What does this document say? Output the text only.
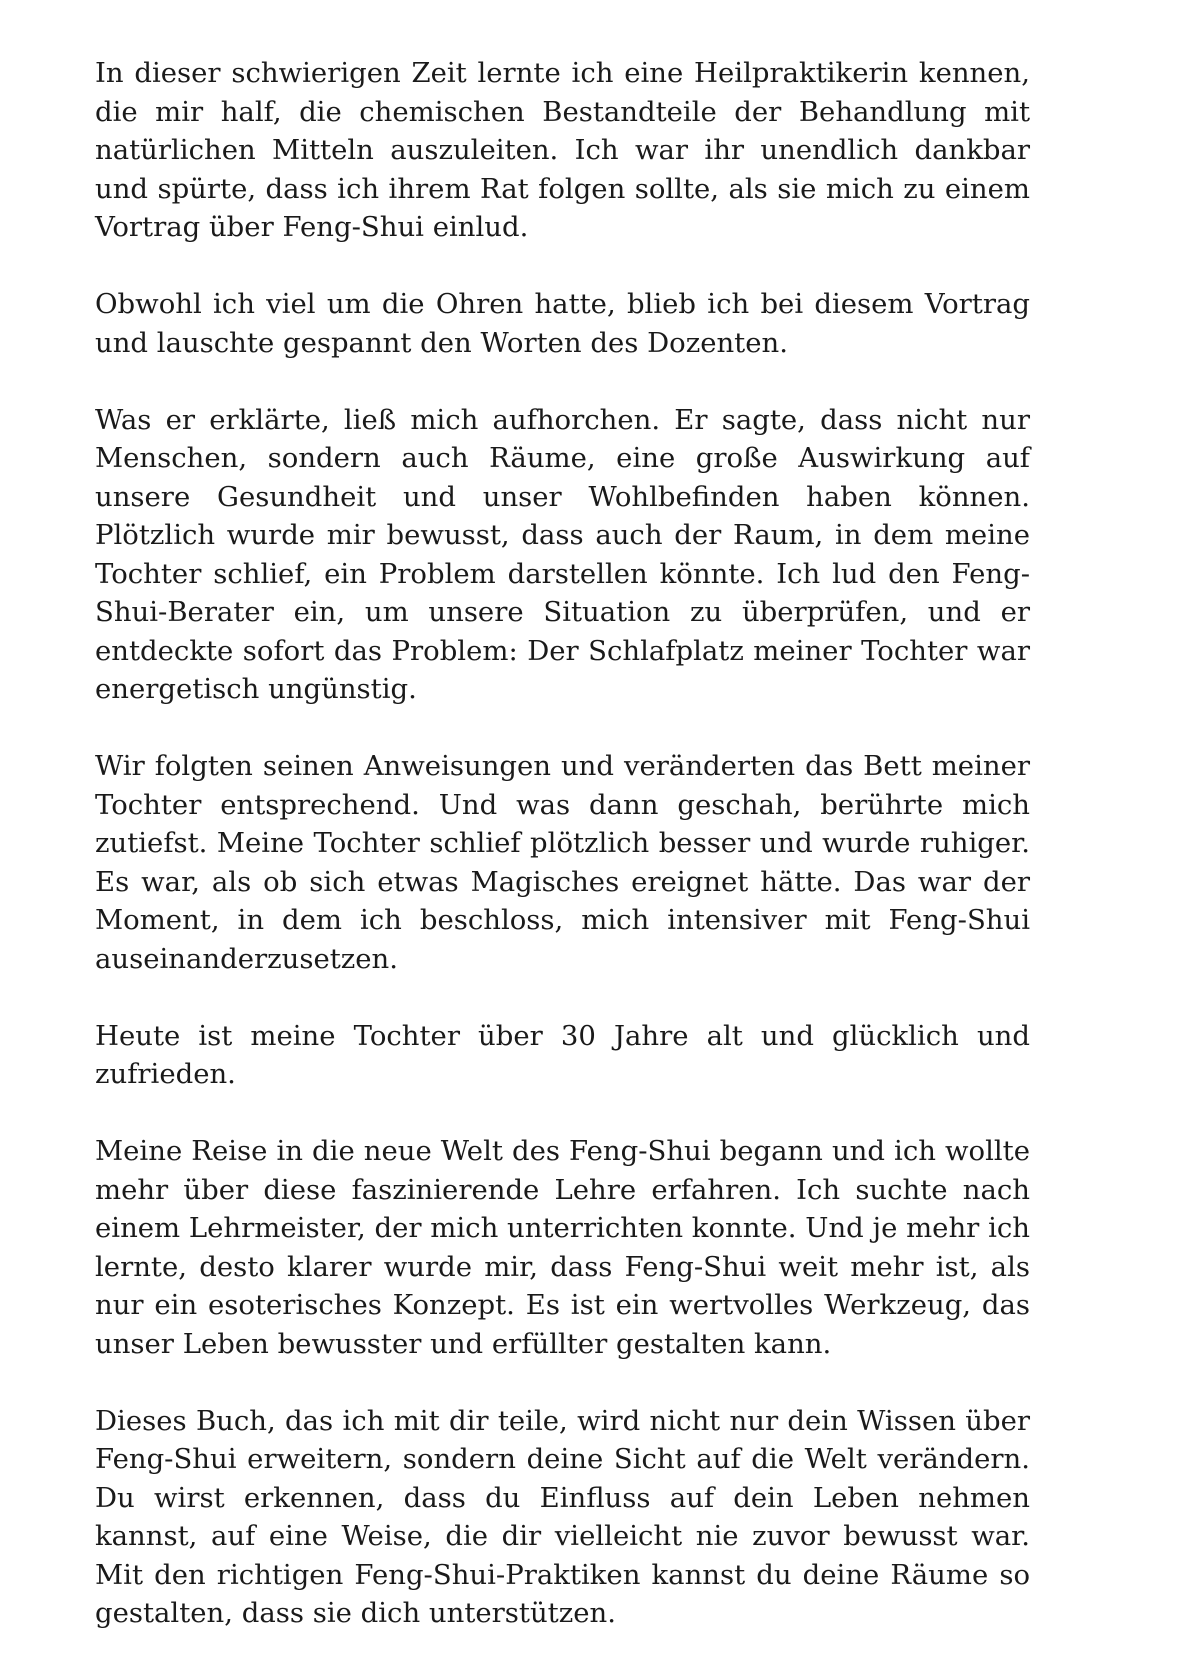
In dieser schwierigen Zeit lernte ich eine Heilpraktikerin kennen, die mir half, die chemischen Bestandteile der Behandlung mit natürlichen Mitteln auszuleiten. Ich war ihr unendlich dankbar und spürte, dass ich ihrem Rat folgen sollte, als sie mich zu einem Vortrag über Feng-Shui einlud.

Obwohl ich viel um die Ohren hatte, blieb ich bei diesem Vortrag und lauschte gespannt den Worten des Dozenten.

Was er erklärte, ließ mich aufhorchen. Er sagte, dass nicht nur Menschen, sondern auch Räume, eine große Auswirkung auf unsere Gesundheit und unser Wohlbefinden haben können. Plötzlich wurde mir bewusst, dass auch der Raum, in dem meine Tochter schlief, ein Problem darstellen könnte. Ich lud den Feng-Shui-Berater ein, um unsere Situation zu überprüfen, und er entdeckte sofort das Problem: Der Schlafplatz meiner Tochter war energetisch ungünstig.

Wir folgten seinen Anweisungen und veränderten das Bett meiner Tochter entsprechend. Und was dann geschah, berührte mich zutiefst. Meine Tochter schlief plötzlich besser und wurde ruhiger. Es war, als ob sich etwas Magisches ereignet hätte. Das war der Moment, in dem ich beschloss, mich intensiver mit Feng-Shui auseinanderzusetzen.

Heute ist meine Tochter über 30 Jahre alt und glücklich und zufrieden.

Meine Reise in die neue Welt des Feng-Shui begann und ich wollte mehr über diese faszinierende Lehre erfahren. Ich suchte nach einem Lehrmeister, der mich unterrichten konnte. Und je mehr ich lernte, desto klarer wurde mir, dass Feng-Shui weit mehr ist, als nur ein esoterisches Konzept. Es ist ein wertvolles Werkzeug, das unser Leben bewusster und erfüllter gestalten kann.

Dieses Buch, das ich mit dir teile, wird nicht nur dein Wissen über Feng-Shui erweitern, sondern deine Sicht auf die Welt verändern. Du wirst erkennen, dass du Einfluss auf dein Leben nehmen kannst, auf eine Weise, die dir vielleicht nie zuvor bewusst war. Mit den richtigen Feng-Shui-Praktiken kannst du deine Räume so gestalten, dass sie dich unterstützen.
